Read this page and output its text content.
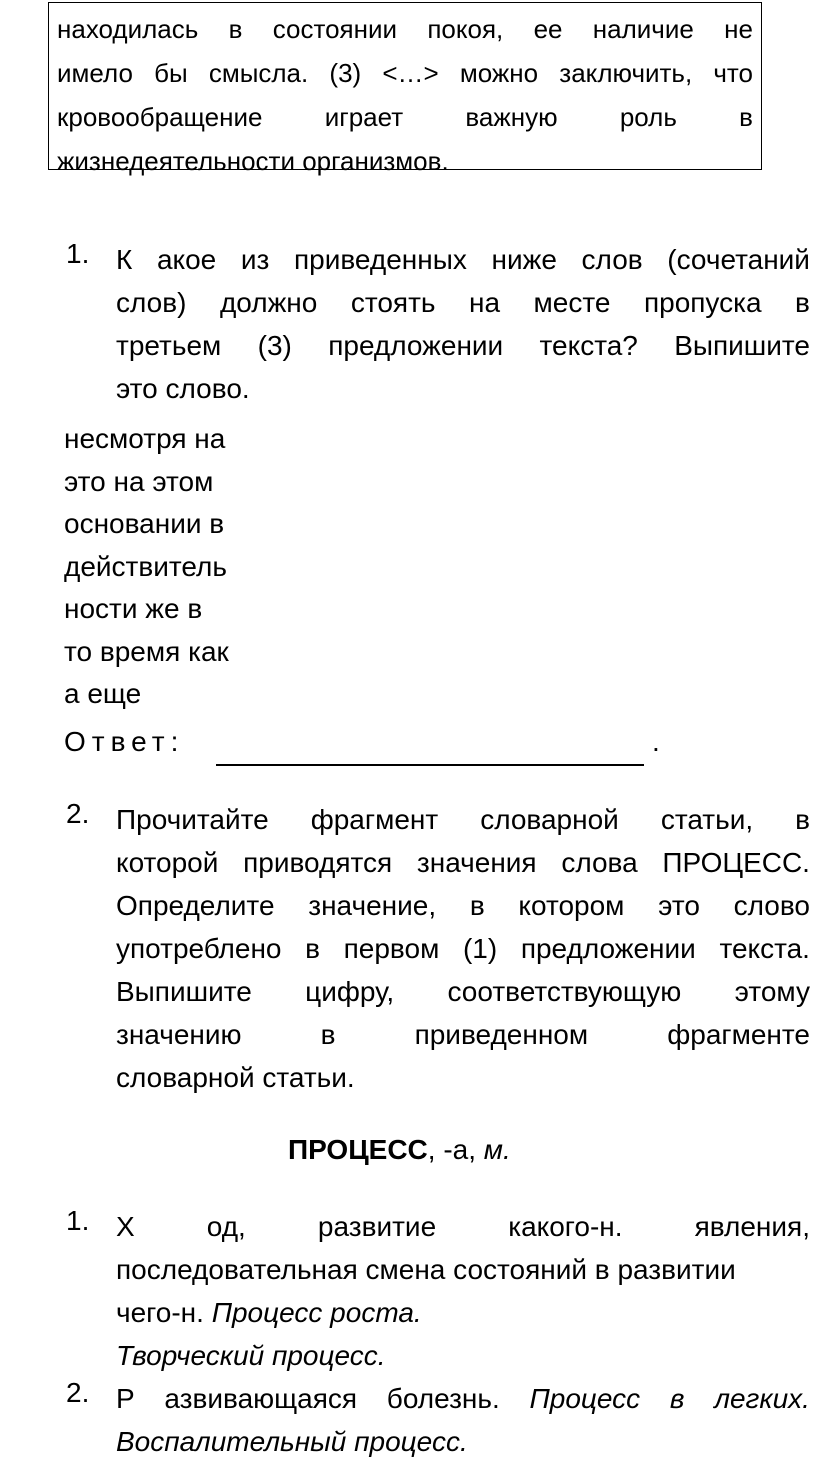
находилась в состоянии покоя, ее наличие не
имело бы смысла. (3) <…> можно заключить, что
кровообращение играет важную роль в
жизнедеятельности организмов.
1. К акое из приведенных ниже слов (сочетаний
слов) должно стоять на месте пропуска в
третьем (3) предложении текста? Выпишите
это слово.
несмотря на
это на этом
основании в
действитель
ности же в
то время как
а еще
Ответ:	.
2. Прочитайте фрагмент словарной статьи, в
которой приводятся значения слова ПРОЦЕСС.
Определите значение, в котором это слово
употреблено в первом (1) предложении текста.
Выпишите цифру, соответствующую этому
значению	в	приведенном	фрагменте
словарной статьи.
ПРОЦЕСС, -а, м.
1. Х	од,	развитие	какого-н.	явления,
последовательная смена состояний в развитии
чего-н. Процесс роста.
Творческий процесс.
2. Р азвивающаяся болезнь. Процесс в легких.
Воспалительный процесс.
